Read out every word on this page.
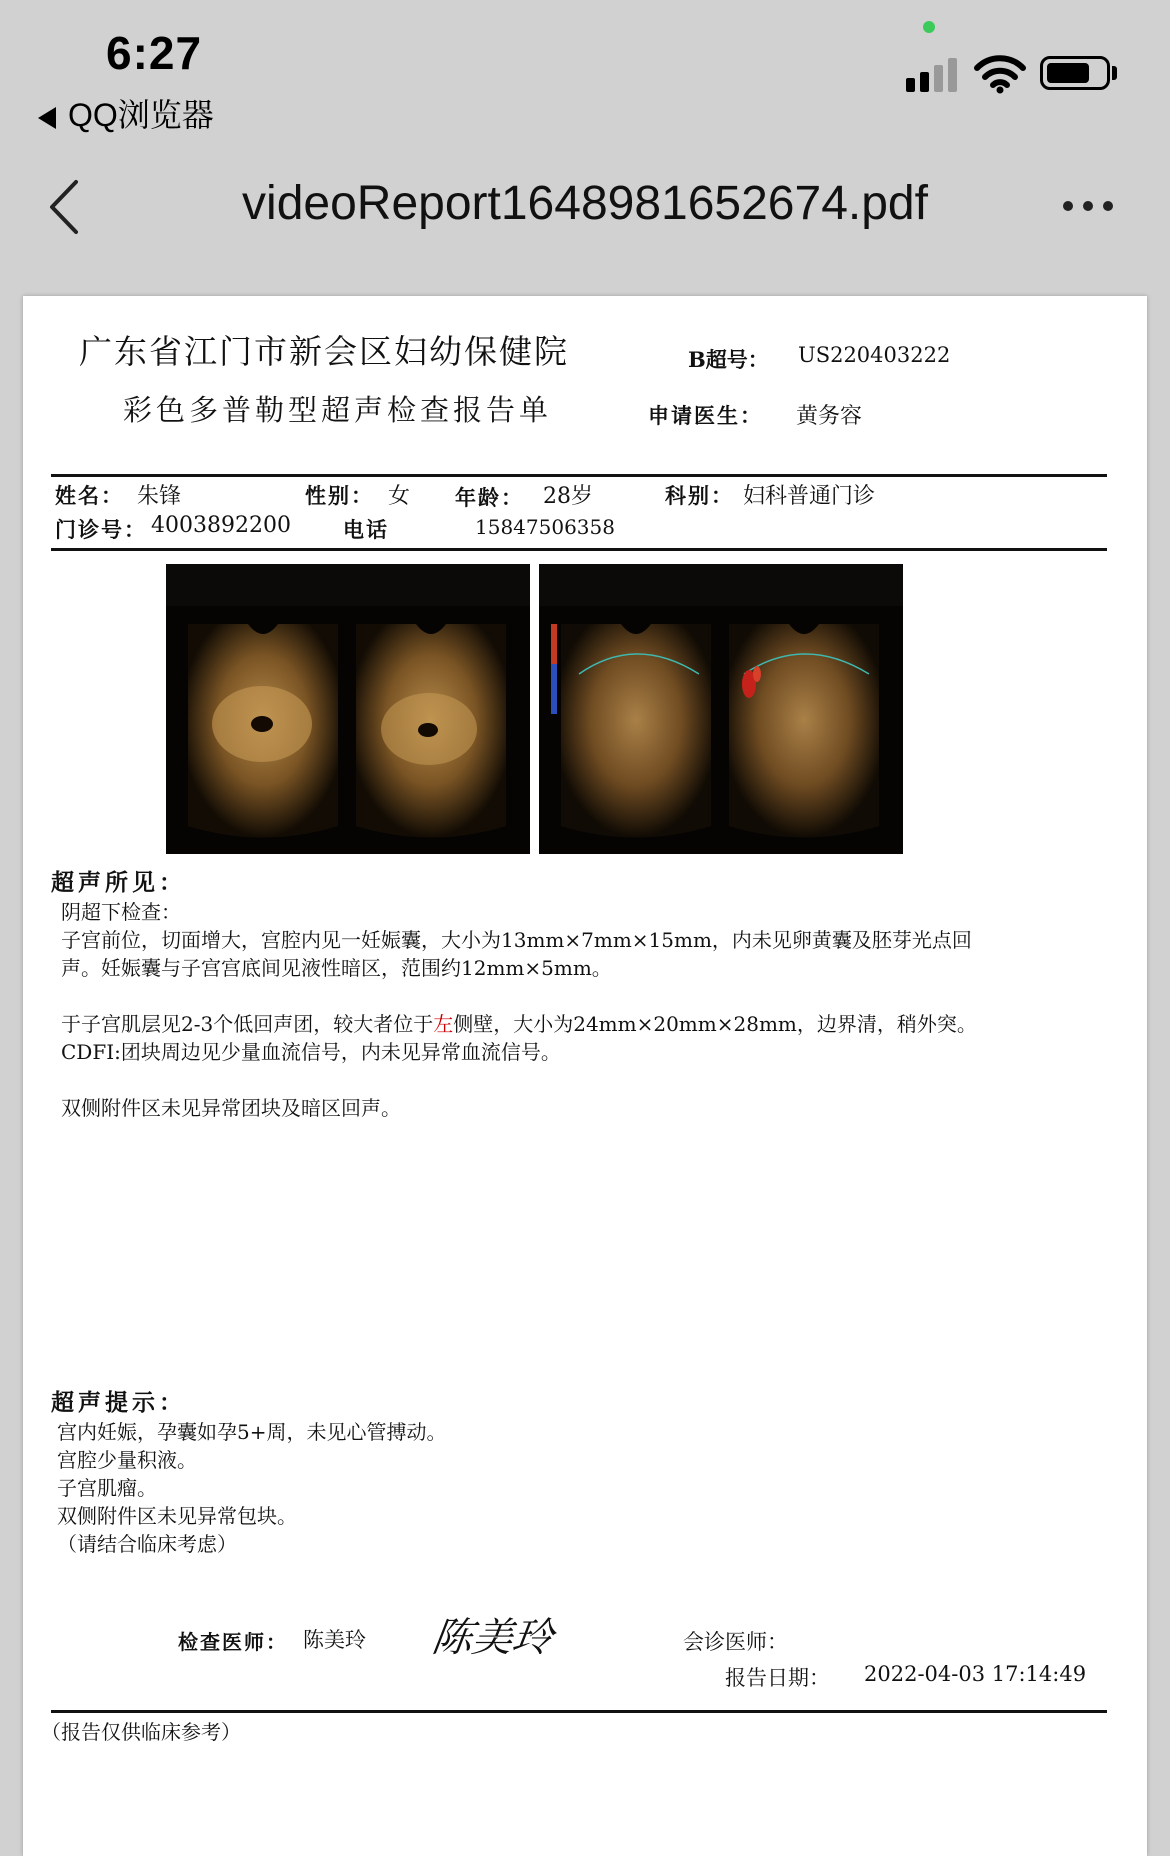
6:27
QQ浏览器
videoReport1648981652674.pdf
广东省江门市新会区妇幼保健院
彩色多普勒型超声检查报告单
B超号： US220403222
申请医生： 黄务容
姓名： 朱锋	性别： 女 年龄： 28岁	科别： 妇科普通门诊
门诊号： 4003892200 电话	15847506358
超声所见：
阴超下检查：
子宫前位，切面增大，宫腔内见一妊娠囊，大小为13mm×7mm×15mm，内未见卵黄囊及胚芽光点回
声。妊娠囊与子宫宫底间见液性暗区，范围约12mm×5mm。
于子宫肌层见2-3个低回声团，较大者位于左侧壁，大小为24mm×20mm×28mm，边界清，稍外突。
CDFI:团块周边见少量血流信号，内未见异常血流信号。
双侧附件区未见异常团块及暗区回声。
超声提示：
宫内妊娠，孕囊如孕5+周，未见心管搏动。
宫腔少量积液。
子宫肌瘤。
双侧附件区未见异常包块。
（请结合临床考虑）
检查医师： 陈美玲 陈美玲	会诊医师：
报告日期： 2022-04-03 17:14:49
（报告仅供临床参考）
